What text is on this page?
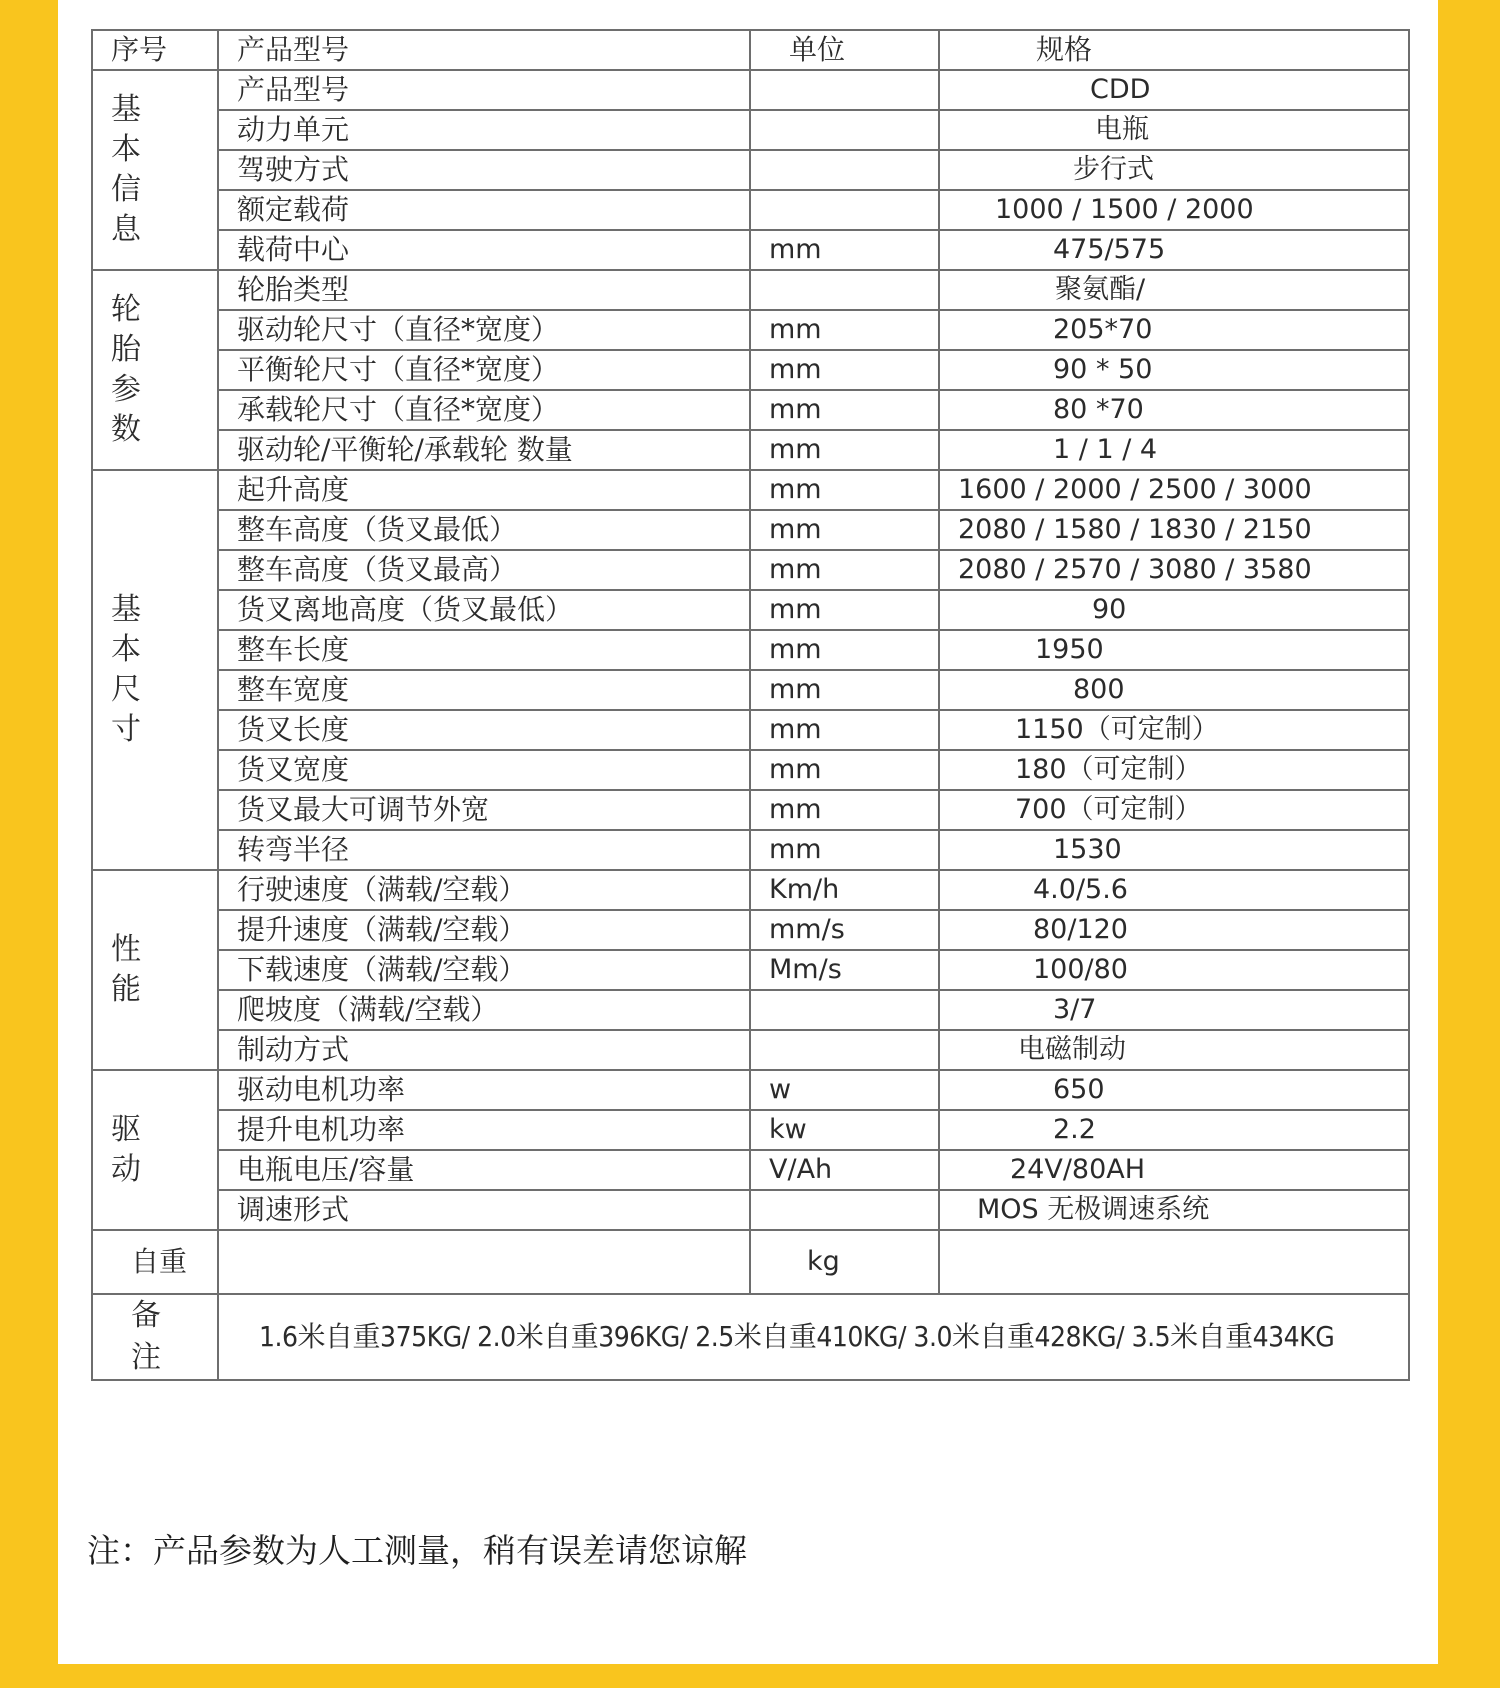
序号	产品型号	单位	规格

基本信息	产品型号		CDD
	动力单元		电瓶
	驾驶方式		步行式
	额定载荷		1000 / 1500 / 2000
	载荷中心	mm	475/575

轮胎参数	轮胎类型		聚氨酯/
	驱动轮尺寸（直径*宽度）	mm	205*70
	平衡轮尺寸（直径*宽度）	mm	90 * 50
	承载轮尺寸（直径*宽度）	mm	80 *70
	驱动轮/平衡轮/承载轮 数量	mm	1 / 1 / 4

基本尺寸	起升高度	mm	1600 / 2000 / 2500 / 3000
	整车高度（货叉最低）	mm	2080 / 1580 / 1830 / 2150
	整车高度（货叉最高）	mm	2080 / 2570 / 3080 / 3580
	货叉离地高度（货叉最低）	mm	90
	整车长度	mm	1950
	整车宽度	mm	800
	货叉长度	mm	1150（可定制）
	货叉宽度	mm	180（可定制）
	货叉最大可调节外宽	mm	700（可定制）
	转弯半径	mm	1530

性能	行驶速度（满载/空载）	Km/h	4.0/5.6
	提升速度（满载/空载）	mm/s	80/120
	下载速度（满载/空载）	Mm/s	100/80
	爬坡度（满载/空载）		3/7
	制动方式		电磁制动

驱动	驱动电机功率	w	650
	提升电机功率	kw	2.2
	电瓶电压/容量	V/Ah	24V/80AH
	调速形式		MOS 无极调速系统
自重		kg	

备注	1.6米自重375KG/ 2.0米自重396KG/ 2.5米自重410KG/ 3.0米自重428KG/ 3.5米自重434KG		
注：产品参数为人工测量，稍有误差请您谅解
